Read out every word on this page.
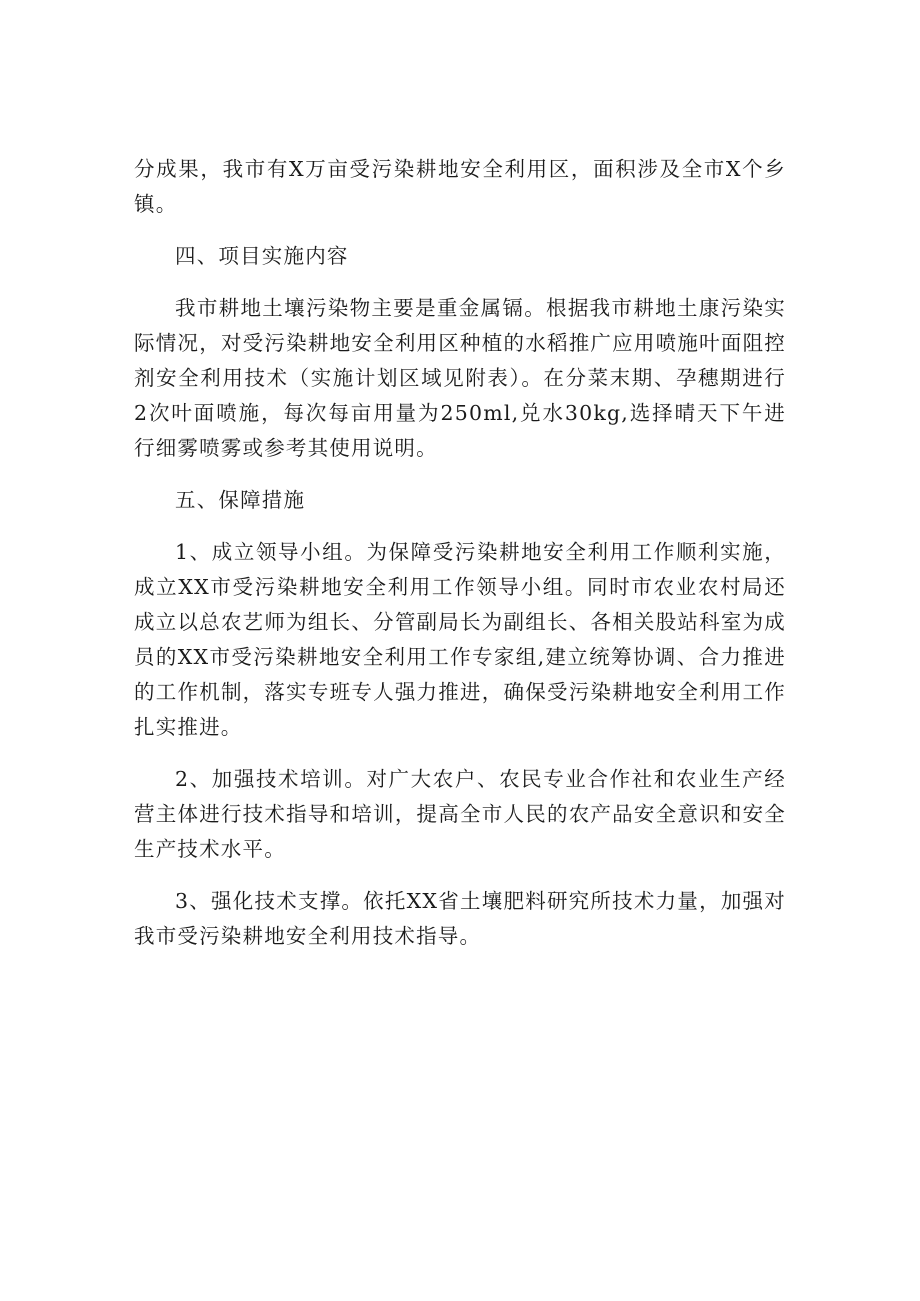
分成果，我市有X万亩受污染耕地安全利用区，面积涉及全市X个乡镇。

四、项目实施内容

我市耕地土壤污染物主要是重金属镉。根据我市耕地土康污染实际情况，对受污染耕地安全利用区种植的水稻推广应用喷施叶面阻控剂安全利用技术（实施计划区域见附表）。在分菜末期、孕穗期进行2次叶面喷施，每次每亩用量为250ml,兑水30kg,选择晴天下午进行细雾喷雾或参考其使用说明。

五、保障措施

1、成立领导小组。为保障受污染耕地安全利用工作顺利实施，成立XX市受污染耕地安全利用工作领导小组。同时市农业农村局还成立以总农艺师为组长、分管副局长为副组长、各相关股站科室为成员的XX市受污染耕地安全利用工作专家组,建立统筹协调、合力推进的工作机制，落实专班专人强力推进，确保受污染耕地安全利用工作扎实推进。

2、加强技术培训。对广大农户、农民专业合作社和农业生产经营主体进行技术指导和培训，提高全市人民的农产品安全意识和安全生产技术水平。

3、强化技术支撑。依托XX省土壤肥料研究所技术力量，加强对我市受污染耕地安全利用技术指导。
